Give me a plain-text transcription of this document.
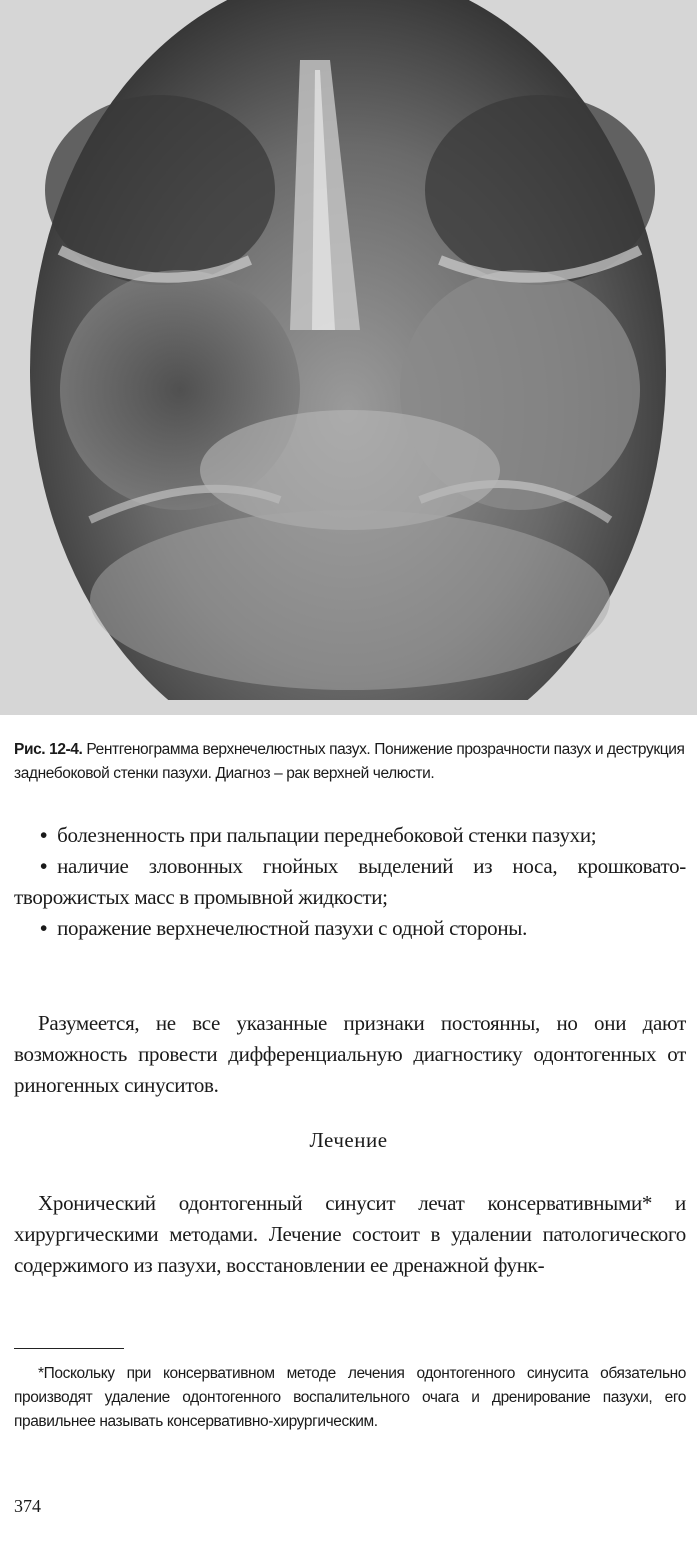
Рис. 12-4. Рентгенограмма верхнечелюстных пазух. Понижение прозрачности пазух и деструкция заднебоковой стенки пазухи. Диагноз – рак верхней челюсти.
• болезненность при пальпации переднебоковой стенки пазухи;
• наличие зловонных гнойных выделений из носа, крошковато-творожистых масс в промывной жидкости;
• поражение верхнечелюстной пазухи с одной стороны.

Разумеется, не все указанные признаки постоянны, но они дают возможность провести дифференциальную диагностику одонтогенных от риногенных синуситов.

Лечение

Хронический одонтогенный синусит лечат консервативными* и хирургическими методами. Лечение состоит в удалении патологического содержимого из пазухи, восстановлении ее дренажной функ-

*Поскольку при консервативном методе лечения одонтогенного синусита обязательно производят удаление одонтогенного воспалительного очага и дренирование пазухи, его правильнее называть консервативно-хирургическим.

374
